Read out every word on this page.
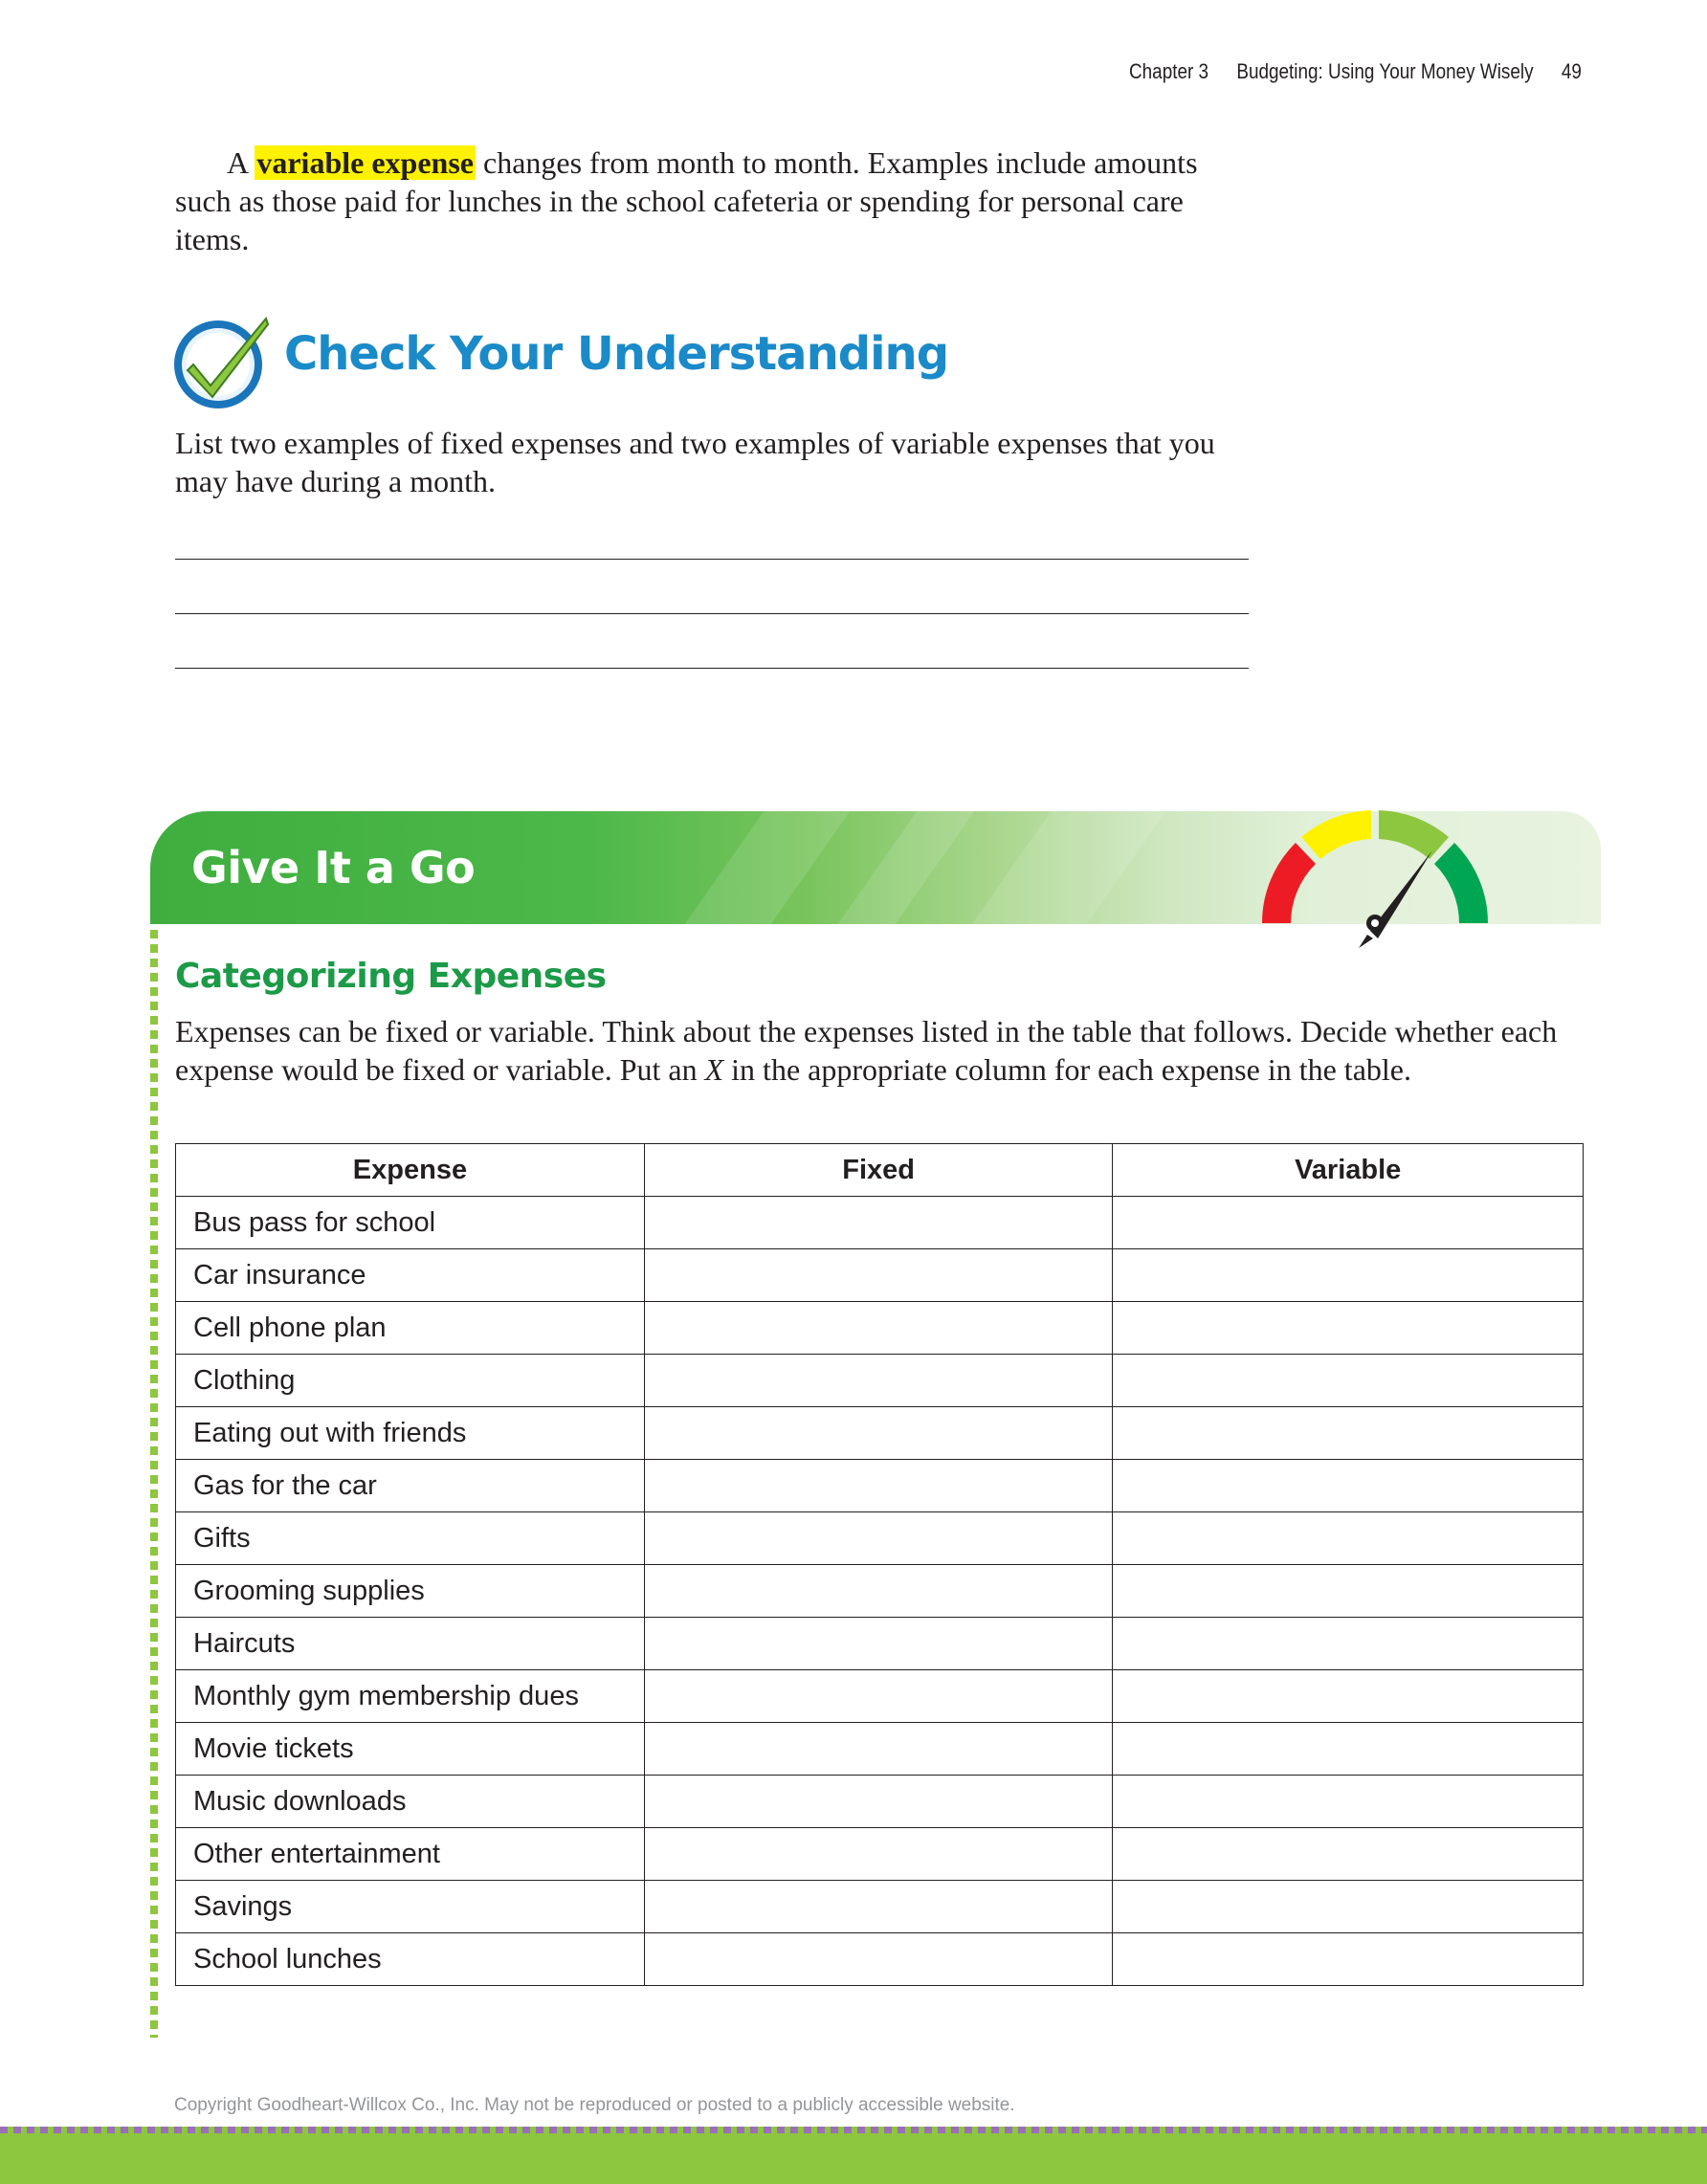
Chapter 3 Budgeting: Using Your Money Wisely 49

A variable expense changes from month to month. Examples include amounts such as those paid for lunches in the school cafeteria or spending for personal care items.

Check Your Understanding

List two examples of fixed expenses and two examples of variable expenses that you may have during a month.

Give It a Go
Categorizing Expenses

Expenses can be fixed or variable. Think about the expenses listed in the table that follows. Decide whether each expense would be fixed or variable. Put an X in the appropriate column for each expense in the table.

Expense	Fixed	Variable
Bus pass for school		
Car insurance		
Cell phone plan		
Clothing		
Eating out with friends		
Gas for the car		
Gifts		
Grooming supplies		
Haircuts		
Monthly gym membership dues		
Movie tickets		
Music downloads		
Other entertainment		
Savings		
School lunches		
Copyright Goodheart-Willcox Co., Inc. May not be reproduced or posted to a publicly accessible website.
